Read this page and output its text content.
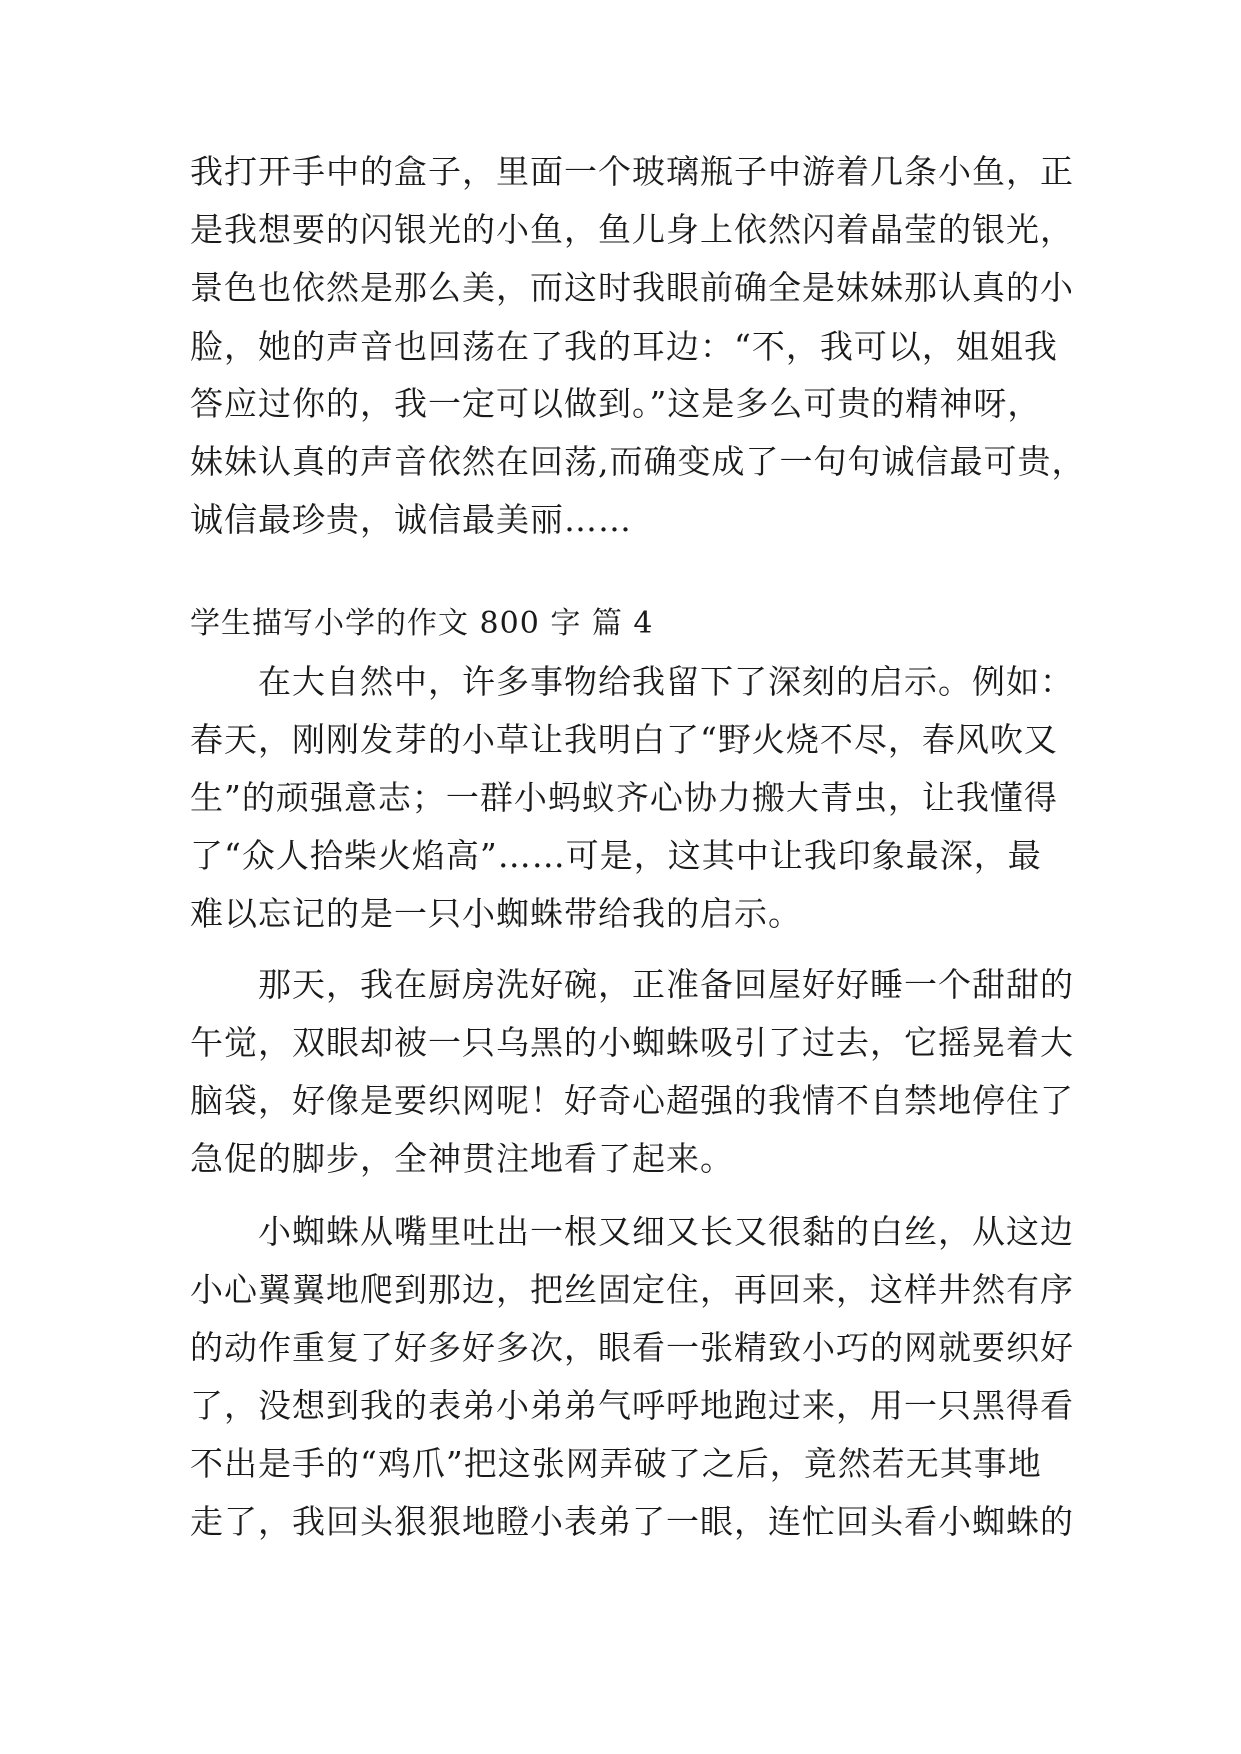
我打开手中的盒子，里面一个玻璃瓶子中游着几条小鱼，正
是我想要的闪银光的小鱼，鱼儿身上依然闪着晶莹的银光，
景色也依然是那么美，而这时我眼前确全是妹妹那认真的小
脸，她的声音也回荡在了我的耳边：“不，我可以，姐姐我
答应过你的，我一定可以做到。”这是多么可贵的精神呀，
妹妹认真的声音依然在回荡,而确变成了一句句诚信最可贵，
诚信最珍贵，诚信最美丽……
学生描写小学的作文 800 字 篇 4
在大自然中，许多事物给我留下了深刻的启示。例如：
春天，刚刚发芽的小草让我明白了“野火烧不尽，春风吹又
生”的顽强意志；一群小蚂蚁齐心协力搬大青虫，让我懂得
了“众人拾柴火焰高”……可是，这其中让我印象最深，最
难以忘记的是一只小蜘蛛带给我的启示。
那天，我在厨房洗好碗，正准备回屋好好睡一个甜甜的
午觉，双眼却被一只乌黑的小蜘蛛吸引了过去，它摇晃着大
脑袋，好像是要织网呢！好奇心超强的我情不自禁地停住了
急促的脚步，全神贯注地看了起来。
小蜘蛛从嘴里吐出一根又细又长又很黏的白丝，从这边
小心翼翼地爬到那边，把丝固定住，再回来，这样井然有序
的动作重复了好多好多次，眼看一张精致小巧的网就要织好
了，没想到我的表弟小弟弟气呼呼地跑过来，用一只黑得看
不出是手的“鸡爪”把这张网弄破了之后，竟然若无其事地
走了，我回头狠狠地瞪小表弟了一眼，连忙回头看小蜘蛛的
